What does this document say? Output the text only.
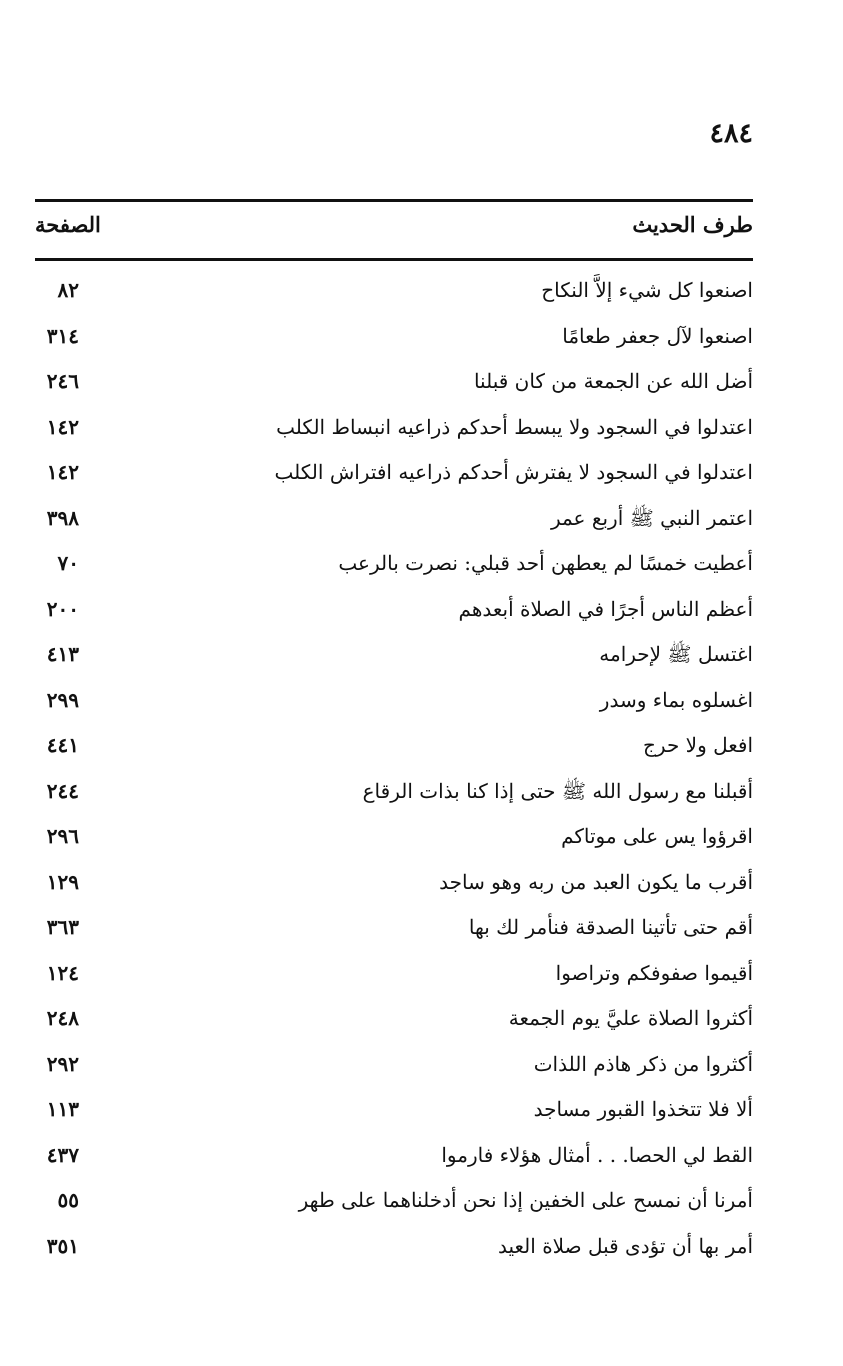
٤٨٤
طرف الحديث
الصفحة
اصنعوا كل شيء إلاَّ النكاح
٨٢
اصنعوا لآل جعفر طعامًا
٣١٤
أضل الله عن الجمعة من كان قبلنا
٢٤٦
اعتدلوا في السجود ولا يبسط أحدكم ذراعيه انبساط الكلب
١٤٢
اعتدلوا في السجود لا يفترش أحدكم ذراعيه افتراش الكلب
١٤٢
اعتمر النبي ﷺ أربع عمر
٣٩٨
أعطيت خمسًا لم يعطهن أحد قبلي: نصرت بالرعب
٧٠
أعظم الناس أجرًا في الصلاة أبعدهم
٢٠٠
اغتسل ﷺ لإحرامه
٤١٣
اغسلوه بماء وسدر
٢٩٩
افعل ولا حرج
٤٤١
أقبلنا مع رسول الله ﷺ حتى إذا كنا بذات الرقاع
٢٤٤
اقرؤوا يس على موتاكم
٢٩٦
أقرب ما يكون العبد من ربه وهو ساجد
١٢٩
أقم حتى تأتينا الصدقة فنأمر لك بها
٣٦٣
أقيموا صفوفكم وتراصوا
١٢٤
أكثروا الصلاة عليَّ يوم الجمعة
٢٤٨
أكثروا من ذكر هاذم اللذات
٢٩٢
ألا فلا تتخذوا القبور مساجد
١١٣
القط لي الحصا. . . أمثال هؤلاء فارموا
٤٣٧
أمرنا أن نمسح على الخفين إذا نحن أدخلناهما على طهر
٥٥
أمر بها أن تؤدى قبل صلاة العيد
٣٥١
